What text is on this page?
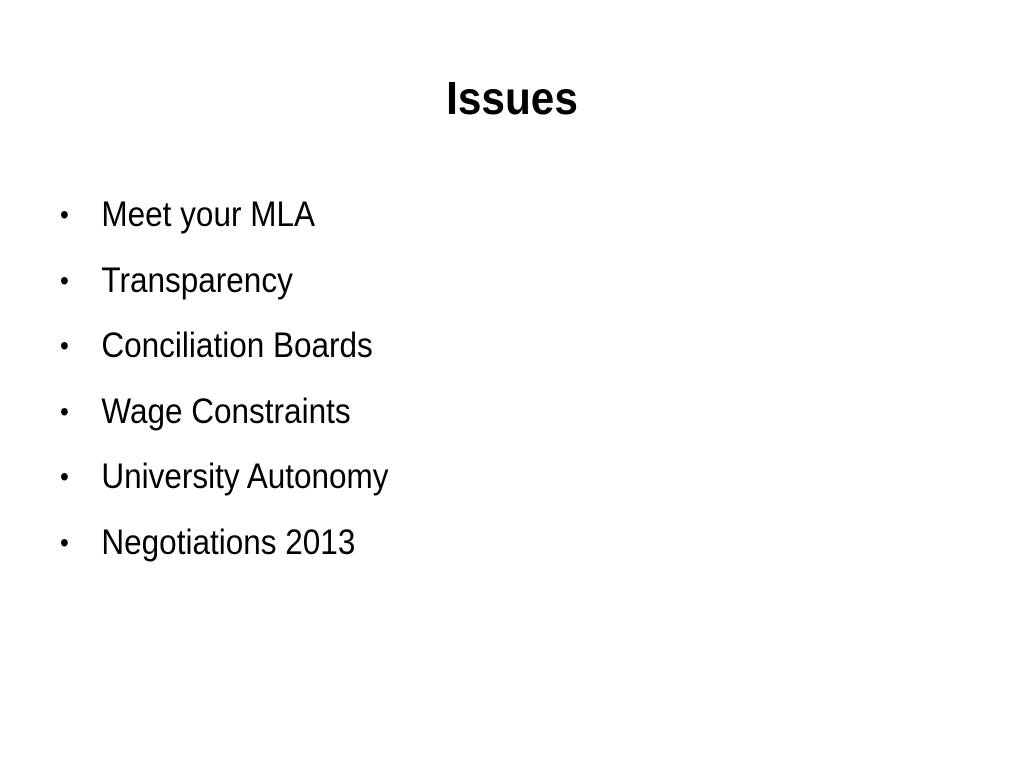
Issues
• Meet your MLA
• Transparency
• Conciliation Boards
• Wage Constraints
• University Autonomy
• Negotiations 2013
